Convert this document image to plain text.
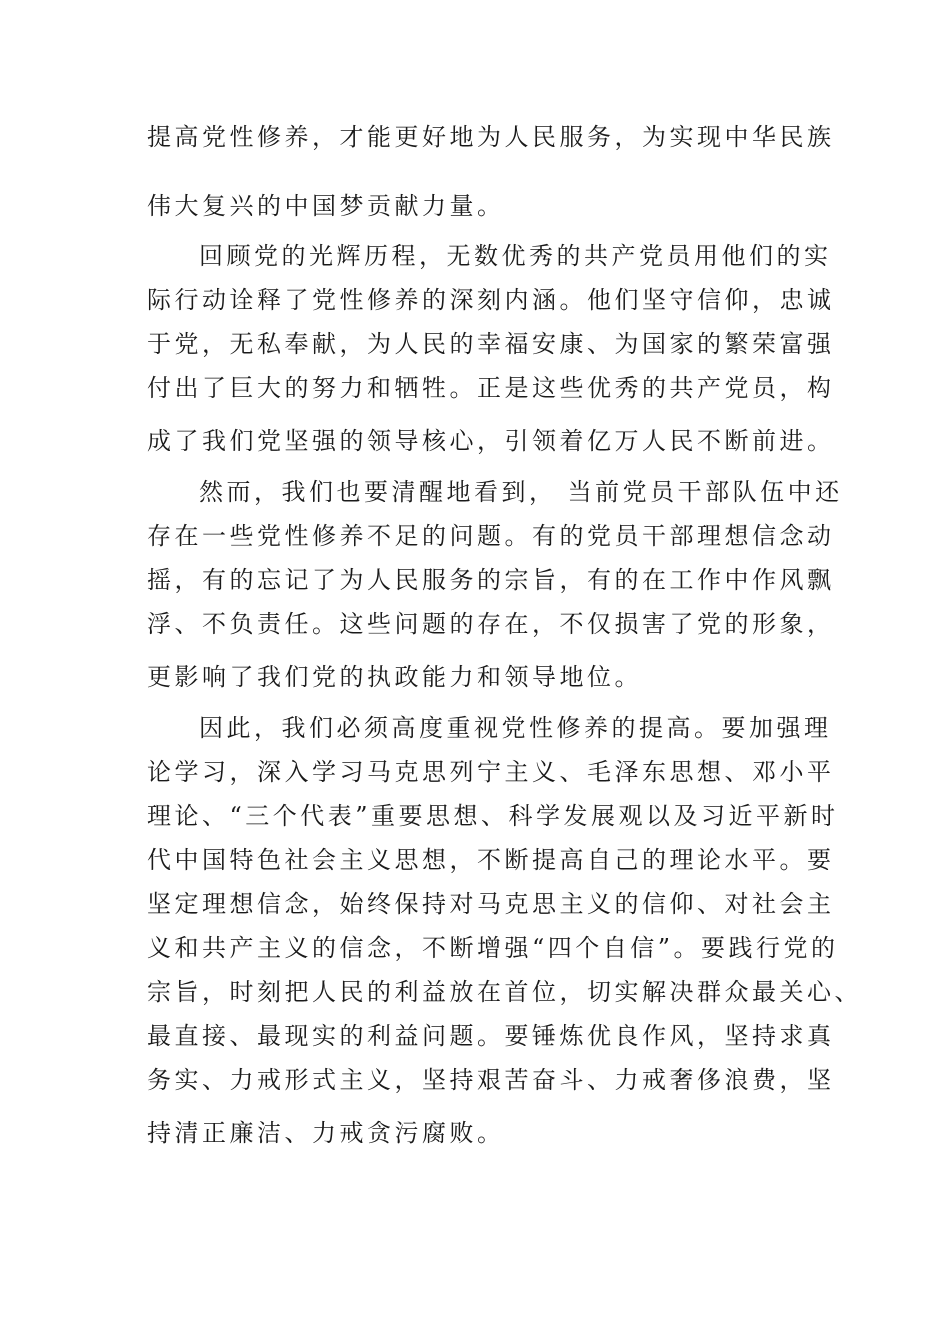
提高党性修养，才能更好地为人民服务，为实现中华民族
伟大复兴的中国梦贡献力量。
回顾党的光辉历程，无数优秀的共产党员用他们的实
际行动诠释了党性修养的深刻内涵。他们坚守信仰，忠诚
于党，无私奉献，为人民的幸福安康、为国家的繁荣富强
付出了巨大的努力和牺牲。正是这些优秀的共产党员，构
成了我们党坚强的领导核心，引领着亿万人民不断前进。
然而，我们也要清醒地看到， 当前党员干部队伍中还
存在一些党性修养不足的问题。有的党员干部理想信念动
摇，有的忘记了为人民服务的宗旨，有的在工作中作风飘
浮、不负责任。这些问题的存在，不仅损害了党的形象，
更影响了我们党的执政能力和领导地位。
因此，我们必须高度重视党性修养的提高。要加强理
论学习，深入学习马克思列宁主义、毛泽东思想、邓小平
理论、“三个代表”重要思想、科学发展观以及习近平新时
代中国特色社会主义思想，不断提高自己的理论水平。要
坚定理想信念，始终保持对马克思主义的信仰、对社会主
义和共产主义的信念，不断增强“四个自信”。要践行党的
宗旨，时刻把人民的利益放在首位，切实解决群众最关心、
最直接、最现实的利益问题。要锤炼优良作风，坚持求真
务实、力戒形式主义，坚持艰苦奋斗、力戒奢侈浪费，坚
持清正廉洁、力戒贪污腐败。
